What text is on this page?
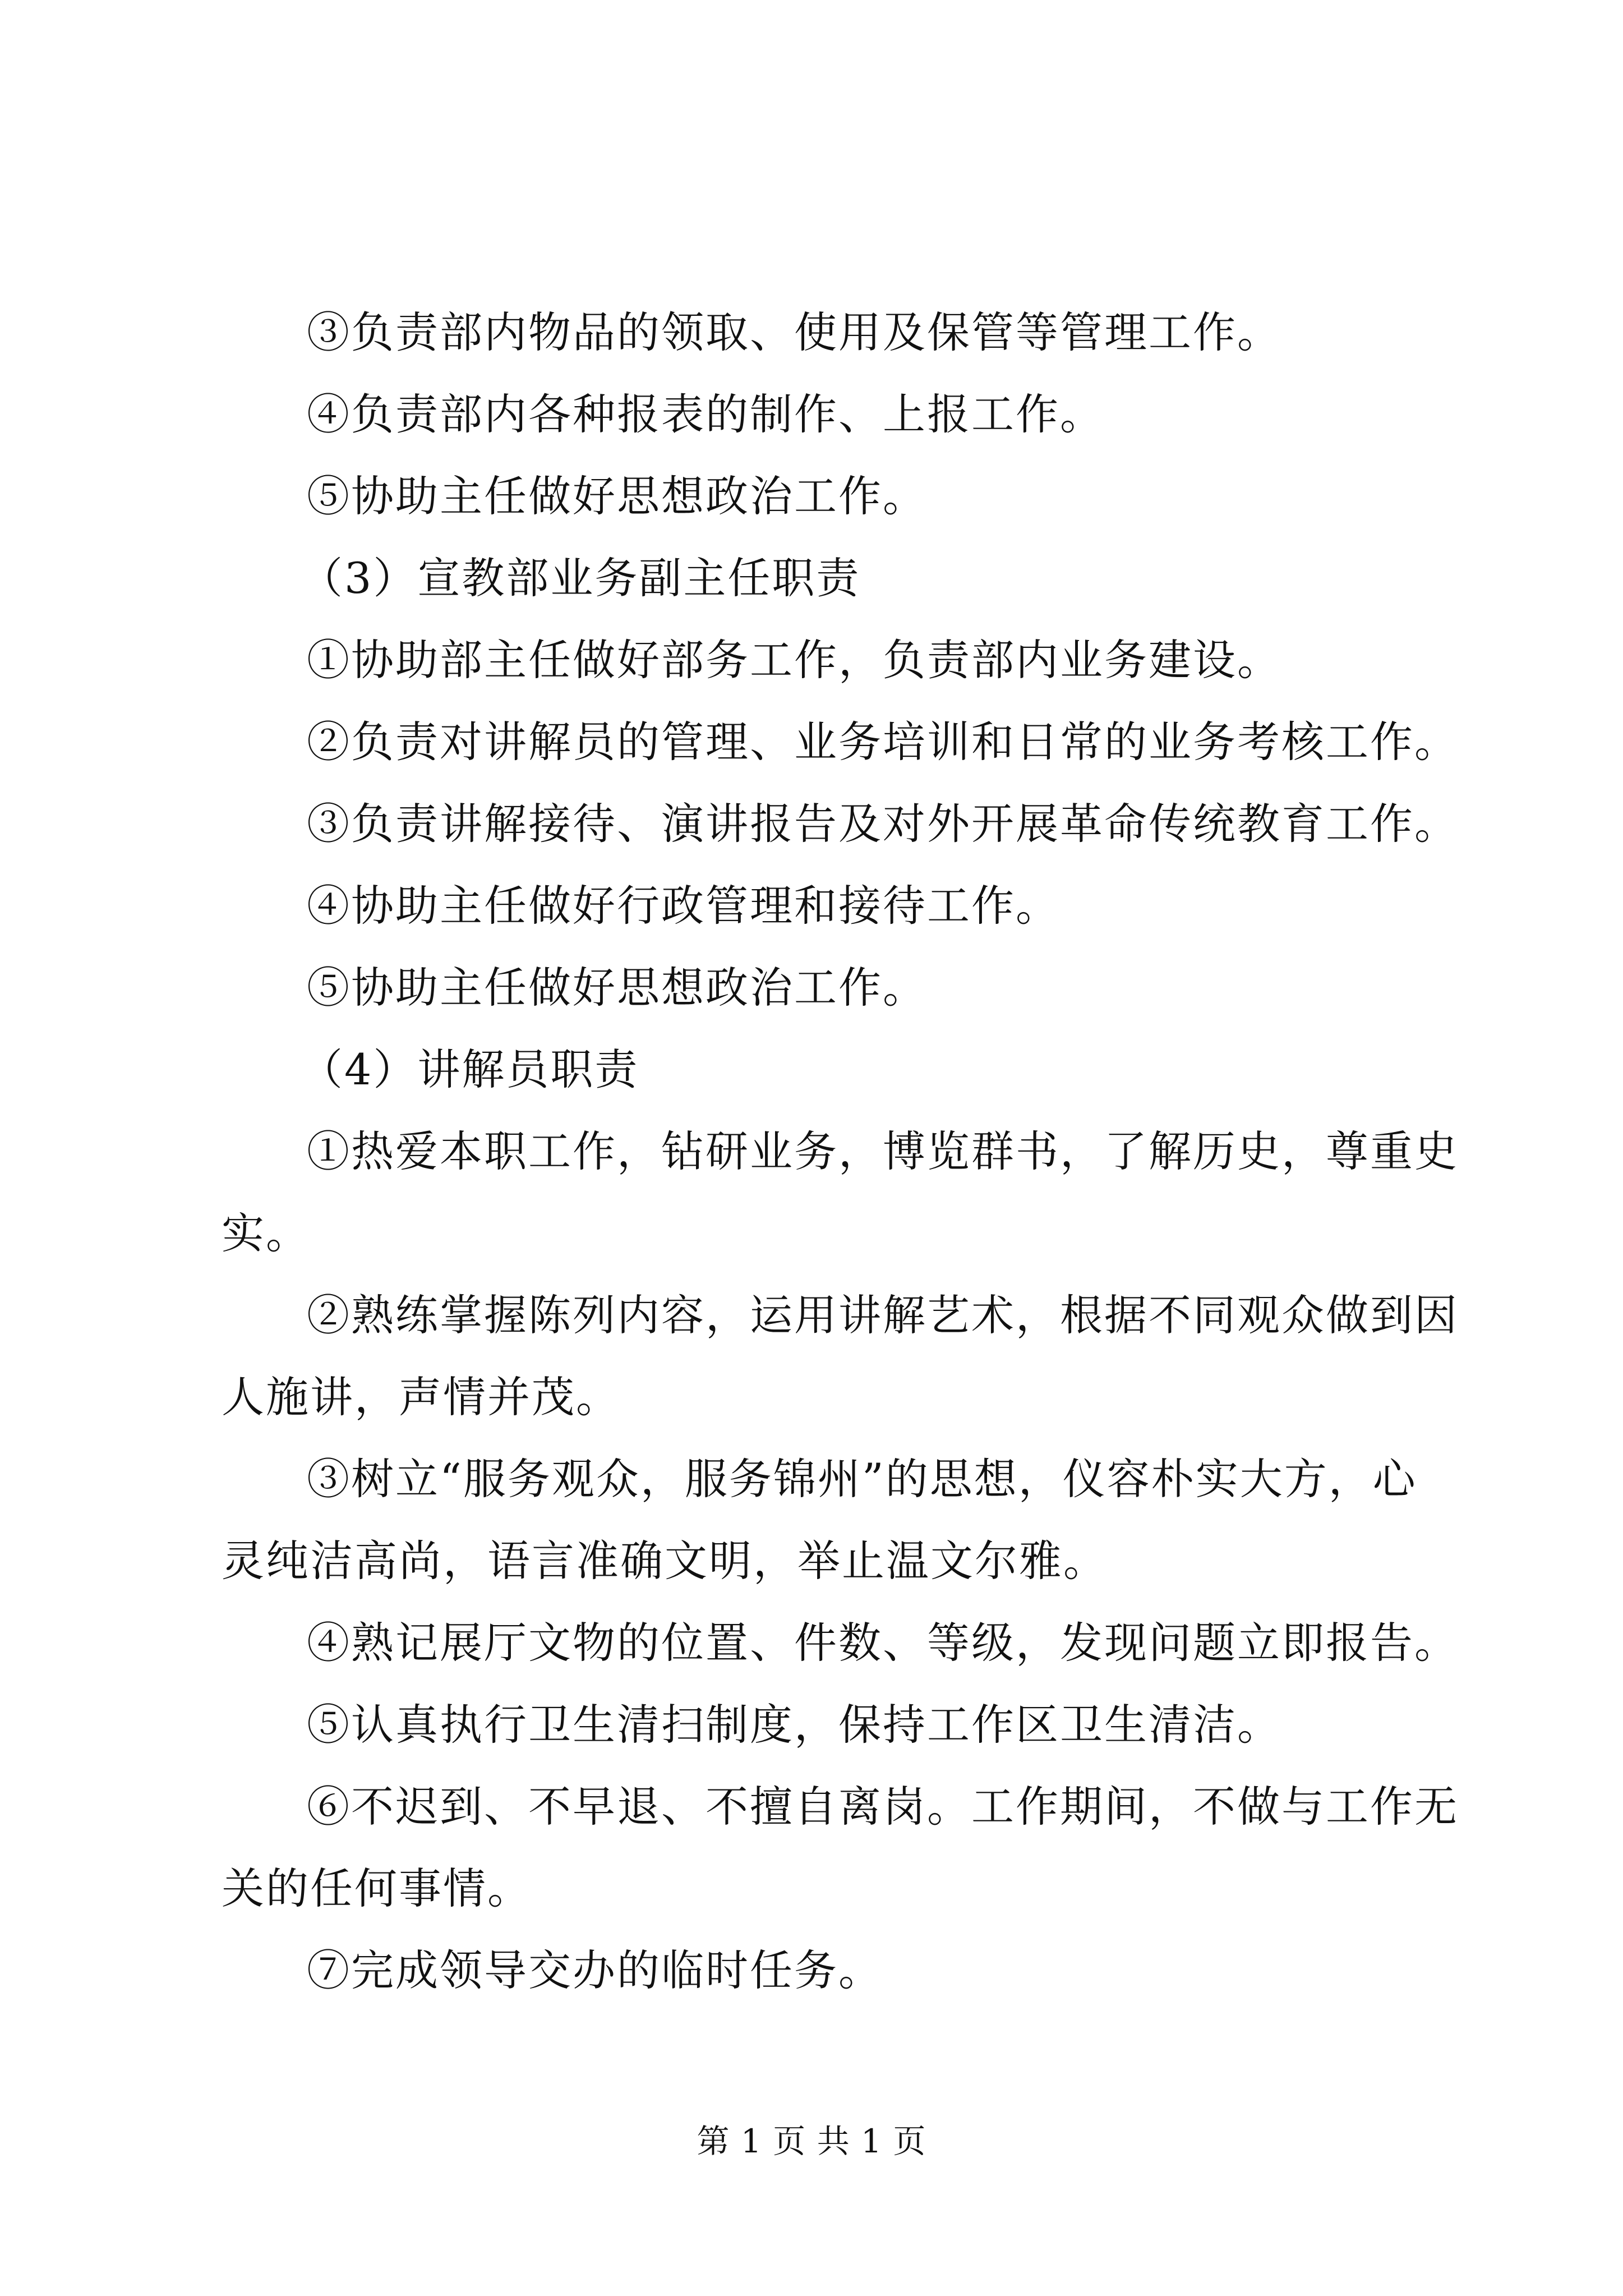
③负责部内物品的领取、使用及保管等管理工作。

④负责部内各种报表的制作、上报工作。

⑤协助主任做好思想政治工作。

（3）宣教部业务副主任职责

①协助部主任做好部务工作，负责部内业务建设。

②负责对讲解员的管理、业务培训和日常的业务考核工作。

③负责讲解接待、演讲报告及对外开展革命传统教育工作。

④协助主任做好行政管理和接待工作。

⑤协助主任做好思想政治工作。

（4）讲解员职责

①热爱本职工作，钻研业务，博览群书，了解历史，尊重史实。

②熟练掌握陈列内容，运用讲解艺术，根据不同观众做到因人施讲，声情并茂。

③树立“服务观众，服务锦州”的思想，仪容朴实大方，心灵纯洁高尚，语言准确文明，举止温文尔雅。

④熟记展厅文物的位置、件数、等级，发现问题立即报告。

⑤认真执行卫生清扫制度，保持工作区卫生清洁。

⑥不迟到、不早退、不擅自离岗。工作期间，不做与工作无关的任何事情。

⑦完成领导交办的临时任务。

第 1 页 共 1 页
